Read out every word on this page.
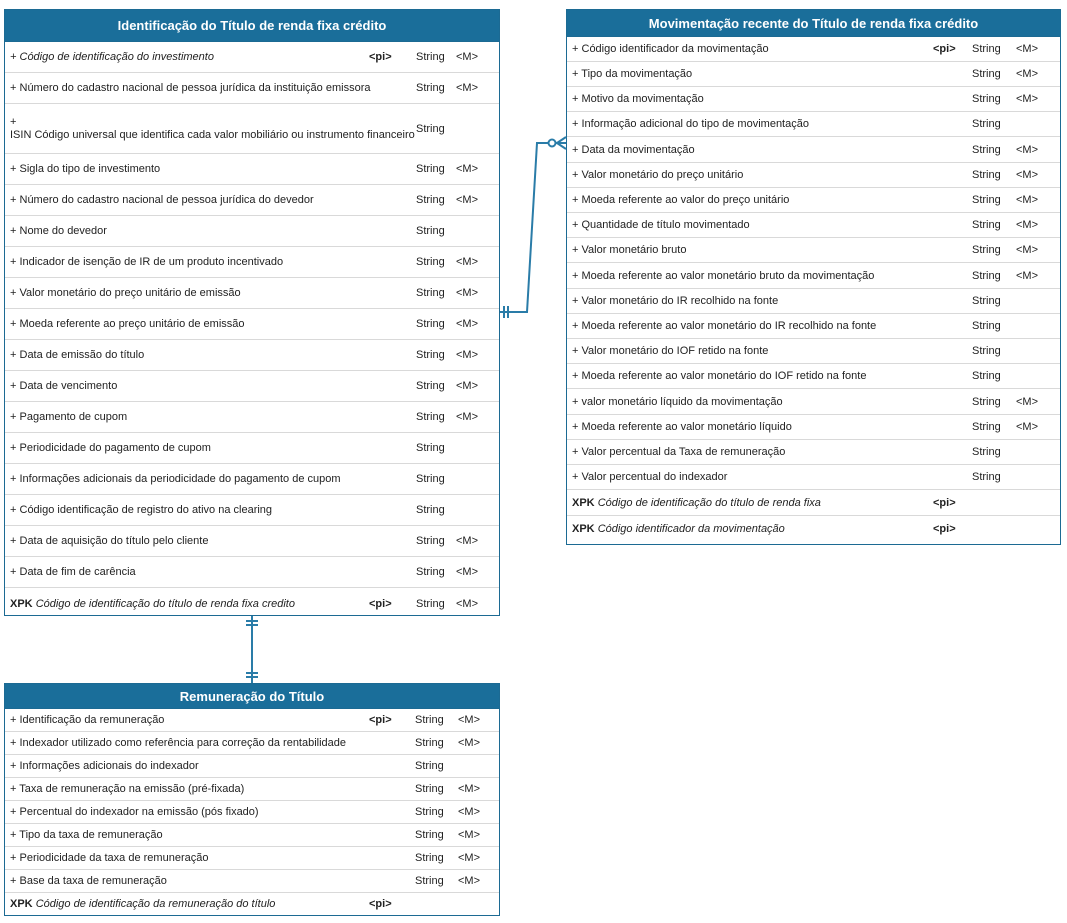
Identificação do Título de renda fixa crédito
+ Código de identificação do investimento	<pi> String <M>
+ Número do cadastro nacional de pessoa jurídica da instituição emissora	String <M>
+ ISIN Código universal que identifica cada valor mobiliário ou instrumento financeiro String
+ Sigla do tipo de investimento	String <M>
+ Número do cadastro nacional de pessoa jurídica do devedor	String <M>
+ Nome do devedor	String
+ Indicador de isenção de IR de um produto incentivado	String <M>
+ Valor monetário do preço unitário de emissão	String <M>
+ Moeda referente ao preço unitário de emissão	String <M>
+ Data de emissão do título	String <M>
+ Data de vencimento	String <M>
+ Pagamento de cupom	String <M>
+ Periodicidade do pagamento de cupom	String
+ Informações adicionais da periodicidade do pagamento de cupom	String
+ Código identificação de registro do ativo na clearing	String
+ Data de aquisição do título pelo cliente	String <M>
+ Data de fim de carência	String <M>
XPK Código de identificação do título de renda fixa credito	<pi> String <M>
Movimentação recente do Título de renda fixa crédito
+ Código identificador da movimentação	<pi> String <M>
+ Tipo da movimentação	String <M>
+ Motivo da movimentação	String <M>
+ Informação adicional do tipo de movimentação	String
+ Data da movimentação	String <M>
+ Valor monetário do preço unitário	String <M>
+ Moeda referente ao valor do preço unitário	String <M>
+ Quantidade de título movimentado	String <M>
+ Valor monetário bruto	String <M>
+ Moeda referente ao valor monetário bruto da movimentação	String <M>
+ Valor monetário do IR recolhido na fonte	String
+ Moeda referente ao valor monetário do IR recolhido na fonte	String
+ Valor monetário do IOF retido na fonte	String
+ Moeda referente ao valor monetário do IOF retido na fonte	String
+ valor monetário líquido da movimentação	String <M>
+ Moeda referente ao valor monetário líquido	String <M>
+ Valor percentual da Taxa de remuneração	String
+ Valor percentual do indexador	String
XPK Código de identificação do título de renda fixa	<pi>
XPK Código identificador da movimentação	<pi>
Remuneração do Título
+ Identificação da remuneração	<pi> String <M>
+ Indexador utilizado como referência para correção da rentabilidade	String <M>
+ Informações adicionais do indexador	String
+ Taxa de remuneração na emissão (pré-fixada)	String <M>
+ Percentual do indexador na emissão (pós fixado)	String <M>
+ Tipo da taxa de remuneração	String <M>
+ Periodicidade da taxa de remuneração	String <M>
+ Base da taxa de remuneração	String <M>
XPK Código de identificação da remuneração do título	<pi>
